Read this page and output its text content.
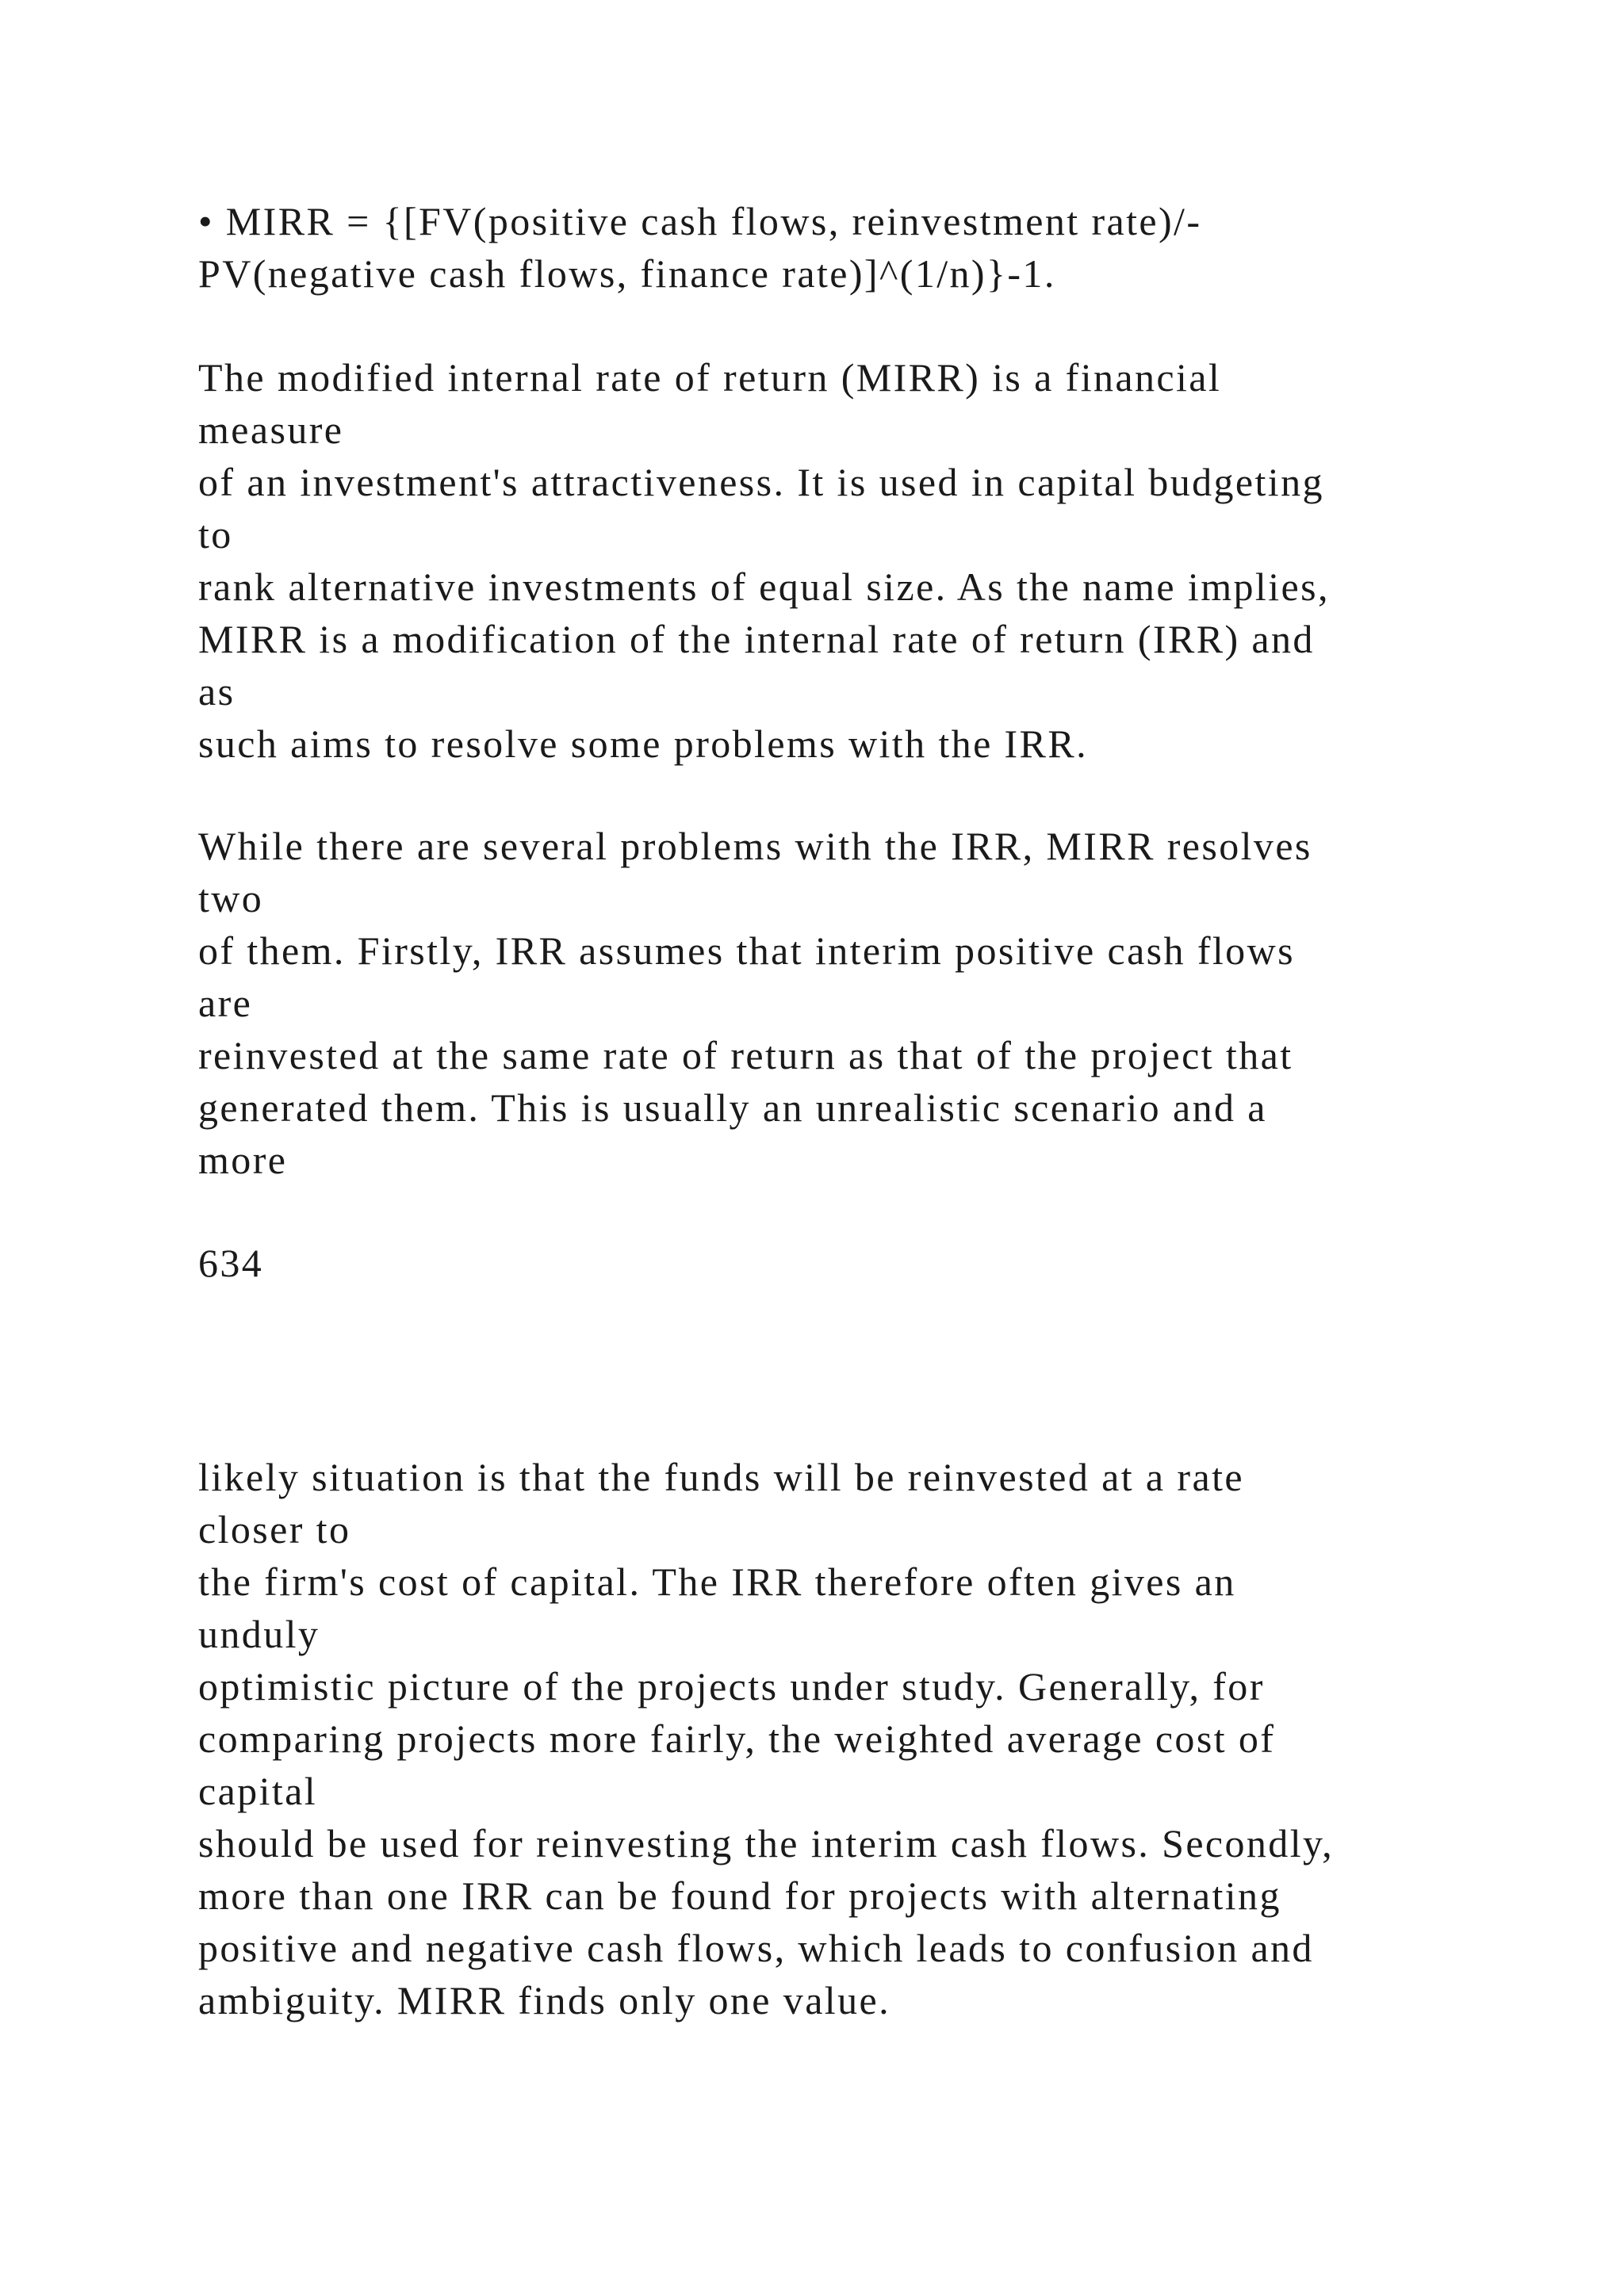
• MIRR = {[FV(positive cash flows, reinvestment rate)/-
PV(negative cash flows, finance rate)]^(1/n)}-1.
The modified internal rate of return (MIRR) is a financial
measure
of an investment's attractiveness. It is used in capital budgeting
to
rank alternative investments of equal size. As the name implies,
MIRR is a modification of the internal rate of return (IRR) and
as
such aims to resolve some problems with the IRR.
While there are several problems with the IRR, MIRR resolves
two
of them. Firstly, IRR assumes that interim positive cash flows
are
reinvested at the same rate of return as that of the project that
generated them. This is usually an unrealistic scenario and a
more
634
likely situation is that the funds will be reinvested at a rate
closer to
the firm's cost of capital. The IRR therefore often gives an
unduly
optimistic picture of the projects under study. Generally, for
comparing projects more fairly, the weighted average cost of
capital
should be used for reinvesting the interim cash flows. Secondly,
more than one IRR can be found for projects with alternating
positive and negative cash flows, which leads to confusion and
ambiguity. MIRR finds only one value.
